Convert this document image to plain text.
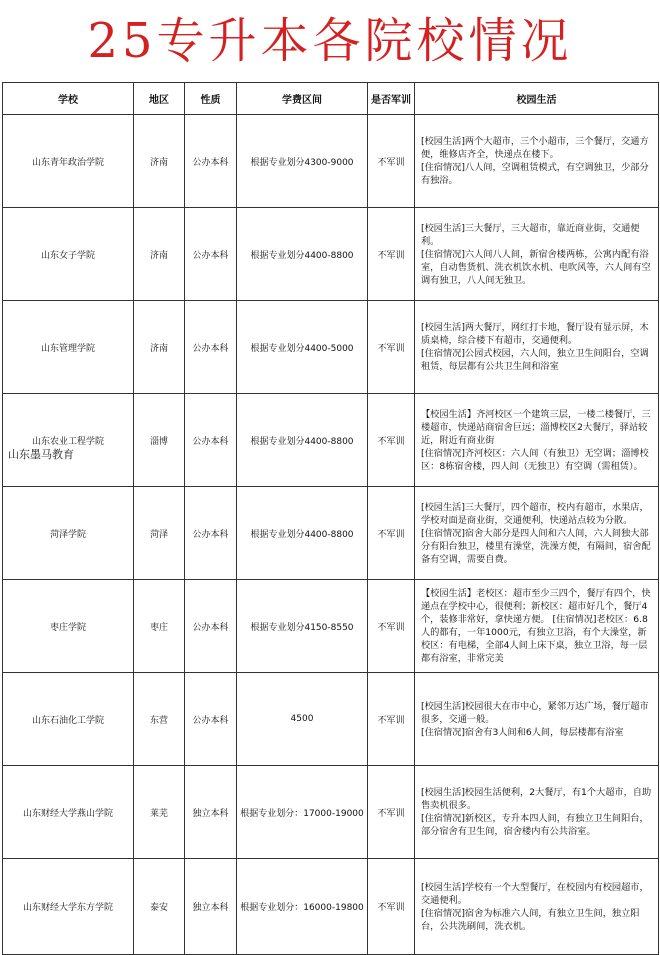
25专升本各院校情况
学校	地区	性质	学费区间	是否军训	校园生活
山东青年政治学院	济南	公办本科	根据专业划分4300-9000	不军训	[校园生活]两个大超市，三个小超市，三个餐厅，交通方便，维修店齐全，快递点在楼下。

[住宿情况]八人间，空调租赁模式，有空调独卫，少部分有独浴。

山东女子学院	济南	公办本科	根据专业划分4400-8800	不军训	[校园生活]三大餐厅，三大超市，靠近商业街，交通便利。

[住宿情况]六人间八人间，新宿舍楼两栋，公寓内配有浴室，自动售货机、洗衣机饮水机、电吹风等，六人间有空调有独卫，八人间无独卫。

山东管理学院	济南	公办本科	根据专业划分4400-5000	不军训	[校园生活]两大餐厅，网红打卡地，餐厅设有显示屏，木质桌椅，综合楼下有超市，交通便利。

[住宿情况]公园式校园，六人间，独立卫生间阳台，空调租赁，每层都有公共卫生间和浴室

山东农业工程学院	淄博	公办本科	根据专业划分4400-8800	不军训	【校园生活】齐河校区一个建筑三层，一楼二楼餐厅，三楼超市，快递站商宿舍巨远；淄博校区2大餐厅，驿站较近，附近有商业街

[住宿情况]齐河校区：六人间（有独卫）无空调；淄博校区：8栋宿舍楼，四人间（无独卫）有空调（需租赁）。

菏泽学院	菏泽	公办本科	根据专业划分4400-8800	不军训	[校园生活]三大餐厅，四个超市，校内有超市，水果店，学校对面是商业街，交通便利，快递站点较为分散。

[住宿情况]宿舍大部分是四人间和六人间，六人间独大部分有阳台独卫，楼里有澡堂，洗澡方便，有隔间，宿舍配备有空调，需要自费。

枣庄学院	枣庄	公办本科	根据专业划分4150-8550	不军训	【校园生活】老校区：超市至少三四个，餐厅有四个，快递点在学校中心，很便利；新校区：超市好几个，餐厅4个，装修非常好，拿快递方便。 [住宿情况]老校区：6.8人的都有，一年1000元，有独立卫浴，有个大澡堂，新校区：有电梯，全部4人间上床下桌，独立卫浴，每一层都有浴室，非常完美

山东石油化工学院	东营	公办本科	4500	不军训	[校园生活]校园很大在市中心，紧邻万达广场，餐厅超市很多，交通一般。

[住宿情况]宿舍有3人间和6人间，每层楼都有浴室

山东财经大学燕山学院	莱芜	独立本科	根据专业划分：17000-19000	不军训	[校园生活]校园生活便利，2大餐厅，有1个大超市，自助售卖机很多。

[住宿情况]新校区，专升本四人间，有独立卫生间阳台，部分宿舍有卫生间，宿舍楼内有公共浴室。

山东财经大学东方学院	泰安	独立本科	根据专业划分：16000-19800	不军训	[校园生活]学校有一个大型餐厅，在校园内有校园超市，交通便利。

[住宿情况]宿舍为标准六人间，有独立卫生间，独立阳台，公共洗刷间，洗衣机。

山东墨马教育
